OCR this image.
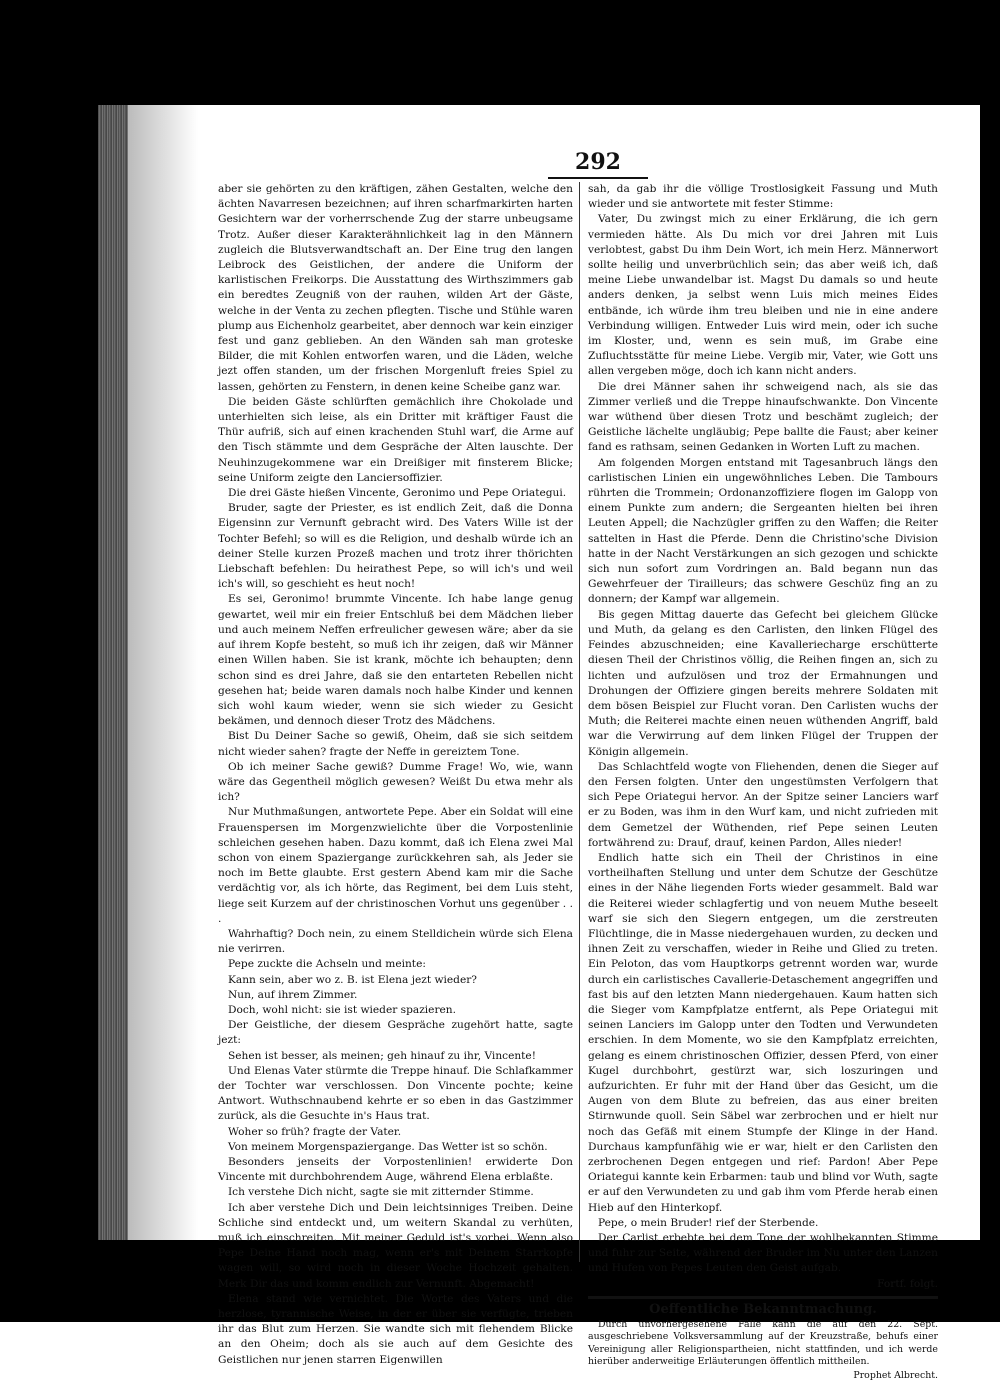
292

aber sie gehörten zu den kräftigen, zähen Gestalten, welche den ächten Navarresen bezeichnen; auf ihren scharfmarkirten harten Gesichtern war der vorherrschende Zug der starre unbeugsame Trotz. Außer dieser Karakterähnlichkeit lag in den Männern zugleich die Blutsverwandtschaft an. Der Eine trug den langen Leibrock des Geistlichen, der andere die Uniform der karlistischen Freikorps. Die Ausstattung des Wirthszimmers gab ein beredtes Zeugniß von der rauhen, wilden Art der Gäste, welche in der Venta zu zechen pflegten. Tische und Stühle waren plump aus Eichenholz gearbeitet, aber dennoch war kein einziger fest und ganz geblieben. An den Wänden sah man groteske Bilder, die mit Kohlen entworfen waren, und die Läden, welche jezt offen standen, um der frischen Morgenluft freies Spiel zu lassen, gehörten zu Fenstern, in denen keine Scheibe ganz war.

Die beiden Gäste schlürften gemächlich ihre Chokolade und unterhielten sich leise, als ein Dritter mit kräftiger Faust die Thür aufriß, sich auf einen krachenden Stuhl warf, die Arme auf den Tisch stämmte und dem Gespräche der Alten lauschte. Der Neuhinzugekommene war ein Dreißiger mit finsterem Blicke; seine Uniform zeigte den Lanciersoffizier.

Die drei Gäste hießen Vincente, Geronimo und Pepe Oriategui.

Bruder, sagte der Priester, es ist endlich Zeit, daß die Donna Eigensinn zur Vernunft gebracht wird. Des Vaters Wille ist der Tochter Befehl; so will es die Religion, und deshalb würde ich an deiner Stelle kurzen Prozeß machen und trotz ihrer thörichten Liebschaft befehlen: Du heirathest Pepe, so will ich's und weil ich's will, so geschieht es heut noch!

Es sei, Geronimo! brummte Vincente. Ich habe lange genug gewartet, weil mir ein freier Entschluß bei dem Mädchen lieber und auch meinem Neffen erfreulicher gewesen wäre; aber da sie auf ihrem Kopfe besteht, so muß ich ihr zeigen, daß wir Männer einen Willen haben. Sie ist krank, möchte ich behaupten; denn schon sind es drei Jahre, daß sie den entarteten Rebellen nicht gesehen hat; beide waren damals noch halbe Kinder und kennen sich wohl kaum wieder, wenn sie sich wieder zu Gesicht bekämen, und dennoch dieser Trotz des Mädchens.

Bist Du Deiner Sache so gewiß, Oheim, daß sie sich seitdem nicht wieder sahen? fragte der Neffe in gereiztem Tone.

Ob ich meiner Sache gewiß? Dumme Frage! Wo, wie, wann wäre das Gegentheil möglich gewesen? Weißt Du etwa mehr als ich?

Nur Muthmaßungen, antwortete Pepe. Aber ein Soldat will eine Frauenspersen im Morgenzwielichte über die Vorpostenlinie schleichen gesehen haben. Dazu kommt, daß ich Elena zwei Mal schon von einem Spaziergange zurückkehren sah, als Jeder sie noch im Bette glaubte. Erst gestern Abend kam mir die Sache verdächtig vor, als ich hörte, das Regiment, bei dem Luis steht, liege seit Kurzem auf der christinoschen Vorhut uns gegenüber . . .

Wahrhaftig? Doch nein, zu einem Stelldichein würde sich Elena nie verirren.

Pepe zuckte die Achseln und meinte:

Kann sein, aber wo z. B. ist Elena jezt wieder?

Nun, auf ihrem Zimmer.

Doch, wohl nicht: sie ist wieder spazieren.

Der Geistliche, der diesem Gespräche zugehört hatte, sagte jezt:

Sehen ist besser, als meinen; geh hinauf zu ihr, Vincente!

Und Elenas Vater stürmte die Treppe hinauf. Die Schlafkammer der Tochter war verschlossen. Don Vincente pochte; keine Antwort. Wuthschnaubend kehrte er so eben in das Gastzimmer zurück, als die Gesuchte in's Haus trat.

Woher so früh? fragte der Vater.

Von meinem Morgenspaziergange. Das Wetter ist so schön.

Besonders jenseits der Vorpostenlinien! erwiderte Don Vincente mit durchbohrendem Auge, während Elena erblaßte.

Ich verstehe Dich nicht, sagte sie mit zitternder Stimme.

Ich aber verstehe Dich und Dein leichtsinniges Treiben. Deine Schliche sind entdeckt und, um weitern Skandal zu verhüten, muß ich einschreiten. Mit meiner Geduld ist's vorbei. Wenn also Pepe Deine Hand noch mag, wenn er's mit Deinem Starrkopfe wagen will, so wird noch in dieser Woche Hochzeit gehalten. Merk Dir das und komm endlich zur Vernunft. Abgemacht!

Elena stand wie vernichtet. Die Worte des Vaters und die herzlose, tyrannische Weise, in der er über sie verfügte, trieben ihr das Blut zum Herzen. Sie wandte sich mit flehendem Blicke an den Oheim; doch als sie auch auf dem Gesichte des Geistlichen nur jenen starren Eigenwillen

sah, da gab ihr die völlige Trostlosigkeit Fassung und Muth wieder und sie antwortete mit fester Stimme:

Vater, Du zwingst mich zu einer Erklärung, die ich gern vermieden hätte. Als Du mich vor drei Jahren mit Luis verlobtest, gabst Du ihm Dein Wort, ich mein Herz. Männerwort sollte heilig und unverbrüchlich sein; das aber weiß ich, daß meine Liebe unwandelbar ist. Magst Du damals so und heute anders denken, ja selbst wenn Luis mich meines Eides entbände, ich würde ihm treu bleiben und nie in eine andere Verbindung willigen. Entweder Luis wird mein, oder ich suche im Kloster, und, wenn es sein muß, im Grabe eine Zufluchtsstätte für meine Liebe. Vergib mir, Vater, wie Gott uns allen vergeben möge, doch ich kann nicht anders.

Die drei Männer sahen ihr schweigend nach, als sie das Zimmer verließ und die Treppe hinaufschwankte. Don Vincente war wüthend über diesen Trotz und beschämt zugleich; der Geistliche lächelte ungläubig; Pepe ballte die Faust; aber keiner fand es rathsam, seinen Gedanken in Worten Luft zu machen.

Am folgenden Morgen entstand mit Tagesanbruch längs den carlistischen Linien ein ungewöhnliches Leben. Die Tambours rührten die Trommein; Ordonanzoffiziere flogen im Galopp von einem Punkte zum andern; die Sergeanten hielten bei ihren Leuten Appell; die Nachzügler griffen zu den Waffen; die Reiter sattelten in Hast die Pferde. Denn die Christino'sche Division hatte in der Nacht Verstärkungen an sich gezogen und schickte sich nun sofort zum Vordringen an. Bald begann nun das Gewehrfeuer der Tirailleurs; das schwere Geschüz fing an zu donnern; der Kampf war allgemein.

Bis gegen Mittag dauerte das Gefecht bei gleichem Glücke und Muth, da gelang es den Carlisten, den linken Flügel des Feindes abzuschneiden; eine Kavalleriecharge erschütterte diesen Theil der Christinos völlig, die Reihen fingen an, sich zu lichten und aufzulösen und troz der Ermahnungen und Drohungen der Offiziere gingen bereits mehrere Soldaten mit dem bösen Beispiel zur Flucht voran. Den Carlisten wuchs der Muth; die Reiterei machte einen neuen wüthenden Angriff, bald war die Verwirrung auf dem linken Flügel der Truppen der Königin allgemein.

Das Schlachtfeld wogte von Fliehenden, denen die Sieger auf den Fersen folgten. Unter den ungestümsten Verfolgern that sich Pepe Oriategui hervor. An der Spitze seiner Lanciers warf er zu Boden, was ihm in den Wurf kam, und nicht zufrieden mit dem Gemetzel der Wüthenden, rief Pepe seinen Leuten fortwährend zu: Drauf, drauf, keinen Pardon, Alles nieder!

Endlich hatte sich ein Theil der Christinos in eine vortheilhaften Stellung und unter dem Schutze der Geschütze eines in der Nähe liegenden Forts wieder gesammelt. Bald war die Reiterei wieder schlagfertig und von neuem Muthe beseelt warf sie sich den Siegern entgegen, um die zerstreuten Flüchtlinge, die in Masse niedergehauen wurden, zu decken und ihnen Zeit zu verschaffen, wieder in Reihe und Glied zu treten. Ein Peloton, das vom Hauptkorps getrennt worden war, wurde durch ein carlistisches Cavallerie-Detaschement angegriffen und fast bis auf den letzten Mann niedergehauen. Kaum hatten sich die Sieger vom Kampfplatze entfernt, als Pepe Oriategui mit seinen Lanciers im Galopp unter den Todten und Verwundeten erschien. In dem Momente, wo sie den Kampfplatz erreichten, gelang es einem christinoschen Offizier, dessen Pferd, von einer Kugel durchbohrt, gestürzt war, sich loszuringen und aufzurichten. Er fuhr mit der Hand über das Gesicht, um die Augen von dem Blute zu befreien, das aus einer breiten Stirnwunde quoll. Sein Säbel war zerbrochen und er hielt nur noch das Gefäß mit einem Stumpfe der Klinge in der Hand. Durchaus kampfunfähig wie er war, hielt er den Carlisten den zerbrochenen Degen entgegen und rief: Pardon! Aber Pepe Oriategui kannte kein Erbarmen: taub und blind vor Wuth, sagte er auf den Verwundeten zu und gab ihm vom Pferde herab einen Hieb auf den Hinterkopf.

Pepe, o mein Bruder! rief der Sterbende.

Der Carlist erbebte bei dem Tone der wohlbekannten Stimme und fuhr zur Seite, während der Bruder im Nu unter den Lanzen und Hufen von Pepes Leuten den Geist aufgab.

Fortf. folgt.
Oeffentliche Bekanntmachung.
Durch unvorhergesehene Fälle kann die auf den 22. Sept. ausgeschriebene Volksversammlung auf der Kreuzstraße, behufs einer Vereinigung aller Religionspartheien, nicht stattfinden, und ich werde hierüber anderweitige Erläuterungen öffentlich mittheilen.
Prophet Albrecht.
